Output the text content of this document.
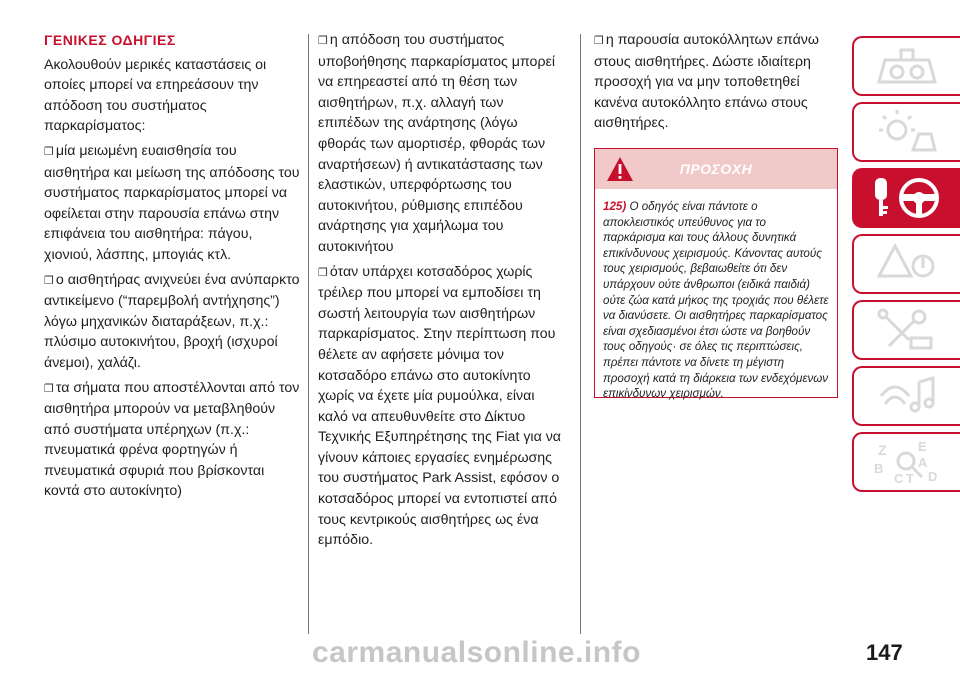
ΓΕΝΙΚΕΣ ΟΔΗΓΙΕΣ

Ακολουθούν μερικές καταστάσεις οι οποίες μπορεί να επηρεάσουν την απόδοση του συστήματος παρκαρίσματος:

❐ μία μειωμένη ευαισθησία του αισθητήρα και μείωση της απόδοσης του συστήματος παρκαρίσματος μπορεί να οφείλεται στην παρουσία επάνω στην επιφάνεια του αισθητήρα: πάγου, χιονιού, λάσπης, μπογιάς κτλ.

❐ ο αισθητήρας ανιχνεύει ένα ανύπαρκτο αντικείμενο (“παρεμβολή αντήχησης”) λόγω μηχανικών διαταράξεων, π.χ.: πλύσιμο αυτοκινήτου, βροχή (ισχυροί άνεμοι), χαλάζι.

❐ τα σήματα που αποστέλλονται από τον αισθητήρα μπορούν να μεταβληθούν από συστήματα υπέρηχων (π.χ.: πνευματικά φρένα φορτηγών ή πνευματικά σφυριά που βρίσκονται κοντά στο αυτοκίνητο)

❐ η απόδοση του συστήματος υποβοήθησης παρκαρίσματος μπορεί να επηρεαστεί από τη θέση των αισθητήρων, π.χ. αλλαγή των επιπέδων της ανάρτησης (λόγω φθοράς των αμορτισέρ, φθοράς των αναρτήσεων) ή αντικατάστασης των ελαστικών, υπερφόρτωσης του αυτοκινήτου, ρύθμισης επιπέδου ανάρτησης για χαμήλωμα του αυτοκινήτου

❐ όταν υπάρχει κοτσαδόρος χωρίς τρέιλερ που μπορεί να εμποδίσει τη σωστή λειτουργία των αισθητήρων παρκαρίσματος. Στην περίπτωση που θέλετε αν αφήσετε μόνιμα τον κοτσαδόρο επάνω στο αυτοκίνητο χωρίς να έχετε μία ρυμούλκα, είναι καλό να απευθυνθείτε στο Δίκτυο Τεχνικής Εξυπηρέτησης της Fiat για να γίνουν κάποιες εργασίες ενημέρωσης του συστήματος Park Assist, εφόσον ο κοτσαδόρος μπορεί να εντοπιστεί από τους κεντρικούς αισθητήρες ως ένα εμπόδιο.

❐ η παρουσία αυτοκόλλητων επάνω στους αισθητήρες. Δώστε ιδιαίτερη προσοχή για να μην τοποθετηθεί κανένα αυτοκόλλητο επάνω στους αισθητήρες.

ΠΡΟΣΟΧΗ
125) Ο οδηγός είναι πάντοτε ο αποκλειστικός υπεύθυνος για το παρκάρισμα και τους άλλους δυνητικά επικίνδυνους χειρισμούς. Κάνοντας αυτούς τους χειρισμούς, βεβαιωθείτε ότι δεν υπάρχουν ούτε άνθρωποι (ειδικά παιδιά) ούτε ζώα κατά μήκος της τροχιάς που θέλετε να διανύσετε. Οι αισθητήρες παρκαρίσματος είναι σχεδιασμένοι έτσι ώστε να βοηθούν τους οδηγούς· σε όλες τις περιπτώσεις, πρέπει πάντοτε να δίνετε τη μέγιστη προσοχή κατά τη διάρκεια των ενδεχόμενων επικίνδυνων χειρισμών.
Z E
B
C T
A
D
carmanualsonline.info	147
